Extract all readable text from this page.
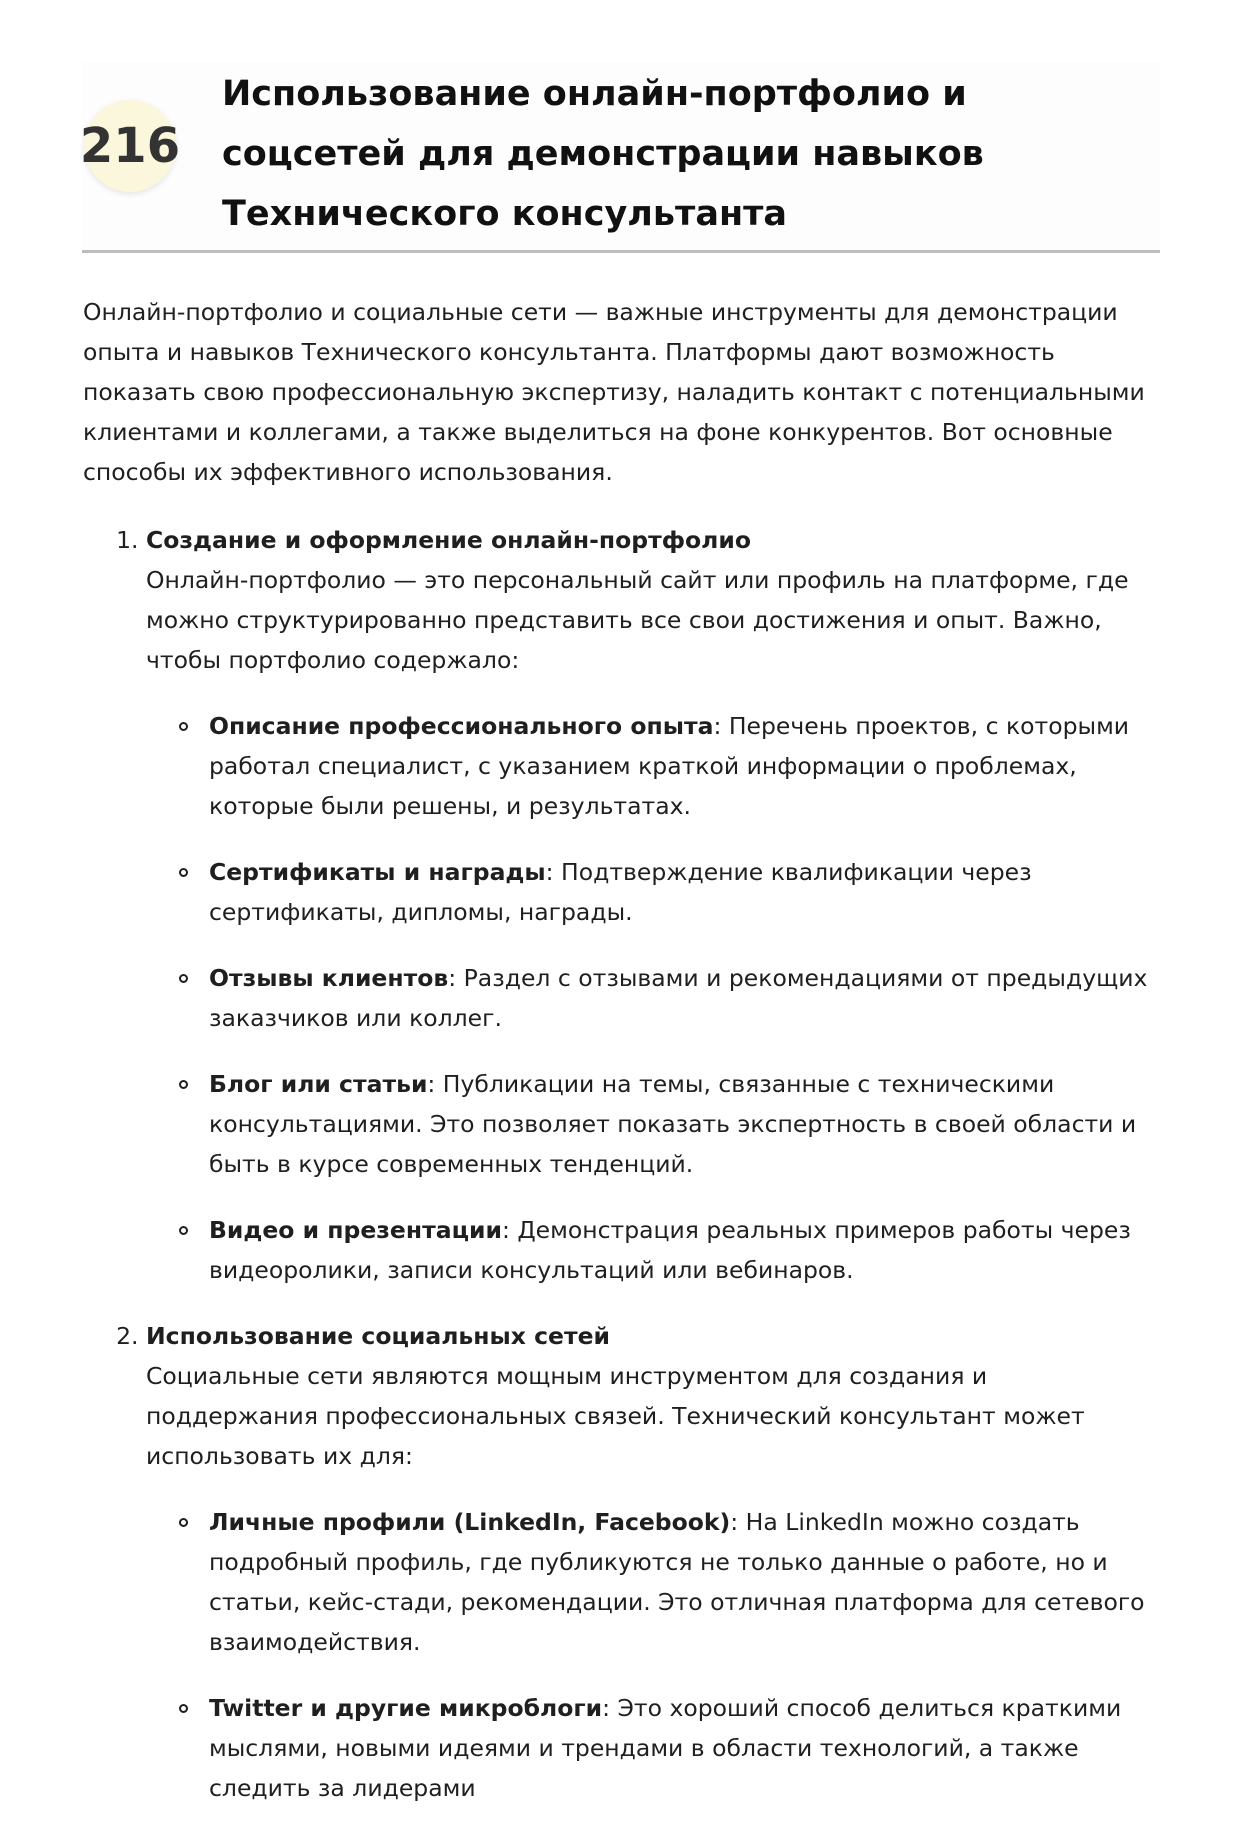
216
Использование онлайн-портфолио и соцсетей для демонстрации навыков Технического консультанта

Онлайн-портфолио и социальные сети — важные инструменты для демонстрации опыта и навыков Технического консультанта. Платформы дают возможность показать свою профессиональную экспертизу, наладить контакт с потенциальными клиентами и коллегами, а также выделиться на фоне конкурентов. Вот основные способы их эффективного использования.

1. Создание и оформление онлайн-портфолио
Онлайн-портфолио — это персональный сайт или профиль на платформе, где можно структурированно представить все свои достижения и опыт. Важно, чтобы портфолио содержало:
Описание профессионального опыта: Перечень проектов, с которыми работал специалист, с указанием краткой информации о проблемах, которые были решены, и результатах.
Сертификаты и награды: Подтверждение квалификации через сертификаты, дипломы, награды.
Отзывы клиентов: Раздел с отзывами и рекомендациями от предыдущих заказчиков или коллег.
Блог или статьи: Публикации на темы, связанные с техническими консультациями. Это позволяет показать экспертность в своей области и быть в курсе современных тенденций.
Видео и презентации: Демонстрация реальных примеров работы через видеоролики, записи консультаций или вебинаров.
2. Использование социальных сетей
Социальные сети являются мощным инструментом для создания и поддержания профессиональных связей. Технический консультант может использовать их для:
Личные профили (LinkedIn, Facebook): На LinkedIn можно создать подробный профиль, где публикуются не только данные о работе, но и статьи, кейс-стади, рекомендации. Это отличная платформа для сетевого взаимодействия.
Twitter и другие микроблоги: Это хороший способ делиться краткими мыслями, новыми идеями и трендами в области технологий, а также следить за лидерами
